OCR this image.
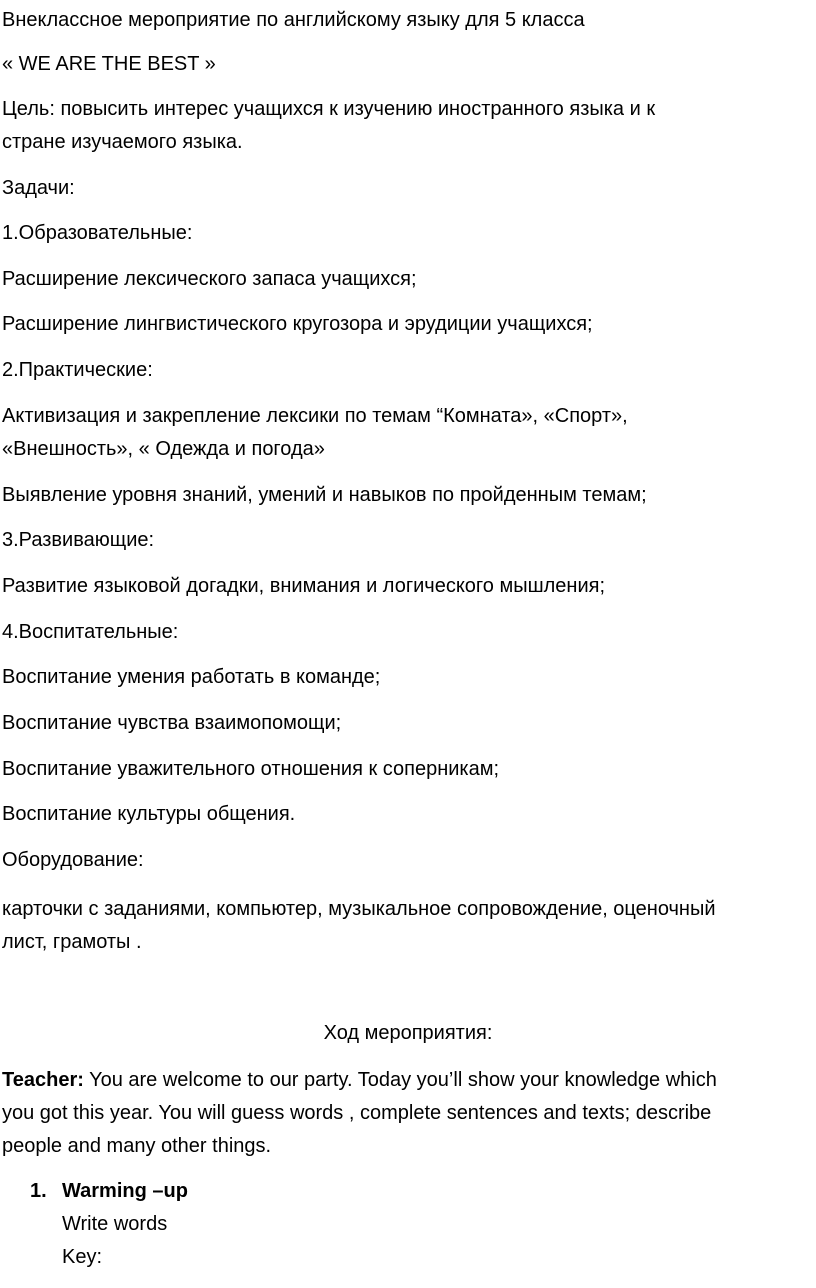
Внеклассное мероприятие по английскому языку для 5 класса

« WE ARE THE BEST »

Цель: повысить интерес учащихся к изучению иностранного языка и к

стране изучаемого языка.

Задачи:

1.Образовательные:

Расширение лексического запаса учащихся;

Расширение лингвистического кругозора и эрудиции учащихся;

2.Практические:

Активизация и закрепление лексики по темам “Комната», «Спорт»,

«Внешность», « Одежда и погода»

Выявление уровня знаний, умений и навыков по пройденным темам;

3.Развивающие:

Развитие языковой догадки, внимания и логического мышления;

4.Воспитательные:

Воспитание умения работать в команде;

Воспитание чувства взаимопомощи;

Воспитание уважительного отношения к соперникам;

Воспитание культуры общения.

Оборудование:

карточки с заданиями, компьютер, музыкальное сопровождение, оценочный

лист, грамоты .

Ход мероприятия:

Teacher: You are welcome to our party. Today you’ll show your knowledge which

you got this year. You will guess words , complete sentences and texts; describe

people and many other things.

1. Warming –up

Write words

Key:
